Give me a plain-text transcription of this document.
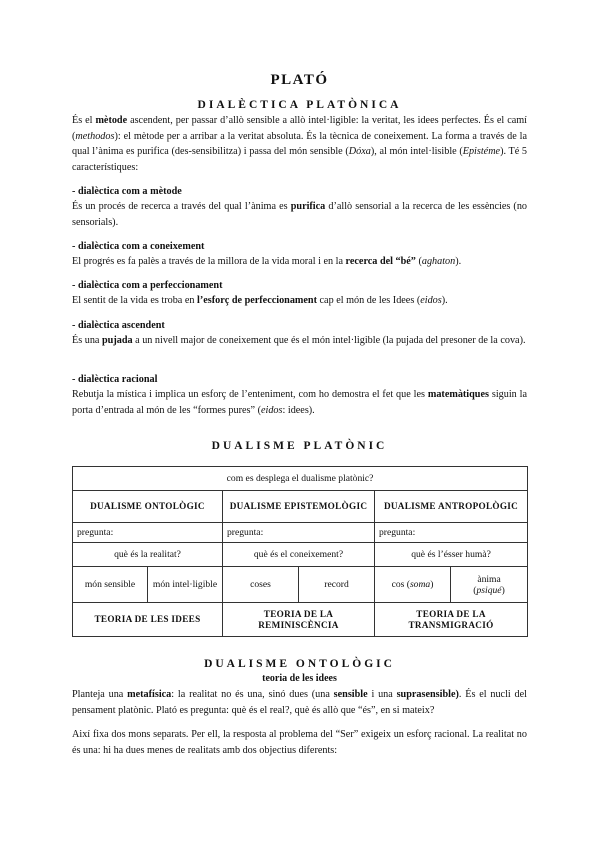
PLATÓ
DIALÈCTICA PLATÒNICA

És el mètode ascendent, per passar d’allò sensible a allò intel·ligible: la veritat, les idees perfectes. És el camí (methodos): el mètode per a arribar a la veritat absoluta. És la tècnica de coneixement. La forma a través de la qual l’ànima es purifica (des-sensibilitza) i passa del món sensible (Dóxa), al món intel·lisible (Epistéme). Té 5 característiques:

- dialèctica com a mètode

És un procés de recerca a través del qual l’ànima es purifica d’allò sensorial a la recerca de les essències (no sensorials).

- dialèctica com a coneixement

El progrés es fa palès a través de la millora de la vida moral i en la recerca del “bé” (aghaton).

- dialèctica com a perfeccionament

El sentit de la vida es troba en l’esforç de perfeccionament cap el món de les Idees (eidos).

- dialèctica ascendent

És una pujada a un nivell major de coneixement que és el món intel·ligible (la pujada del presoner de la cova).

- dialèctica racional

Rebutja la mística i implica un esforç de l’enteniment, com ho demostra el fet que les matemàtiques siguin la porta d’entrada al món de les “formes pures” (eidos: idees).

DUALISME PLATÒNIC
com es desplega el dualisme platònic?					
DUALISME ONTOLÒGIC		DUALISME EPISTEMOLÒGIC		DUALISME ANTROPOLÒGIC	
pregunta:		pregunta:		pregunta:	
què és la realitat?		què és el coneixement?		què és l’ésser humà?	
món sensible	món intel·ligible	coses	record	cos (soma)	ànima
(psiqué)
TEORIA DE LES IDEES		TEORIA DE LA REMINISCÈNCIA		TEORIA DE LA TRANSMIGRACIÓ	
DUALISME ONTOLÒGIC
teoria de les idees

Planteja una metafísica: la realitat no és una, sinó dues (una sensible i una suprasensible). És el nucli del pensament platònic. Plató es pregunta: què és el real?, què és allò que “és”, en si mateix?

Així fixa dos mons separats. Per ell, la resposta al problema del “Ser” exigeix un esforç racional. La realitat no és una: hi ha dues menes de realitats amb dos objectius diferents:
